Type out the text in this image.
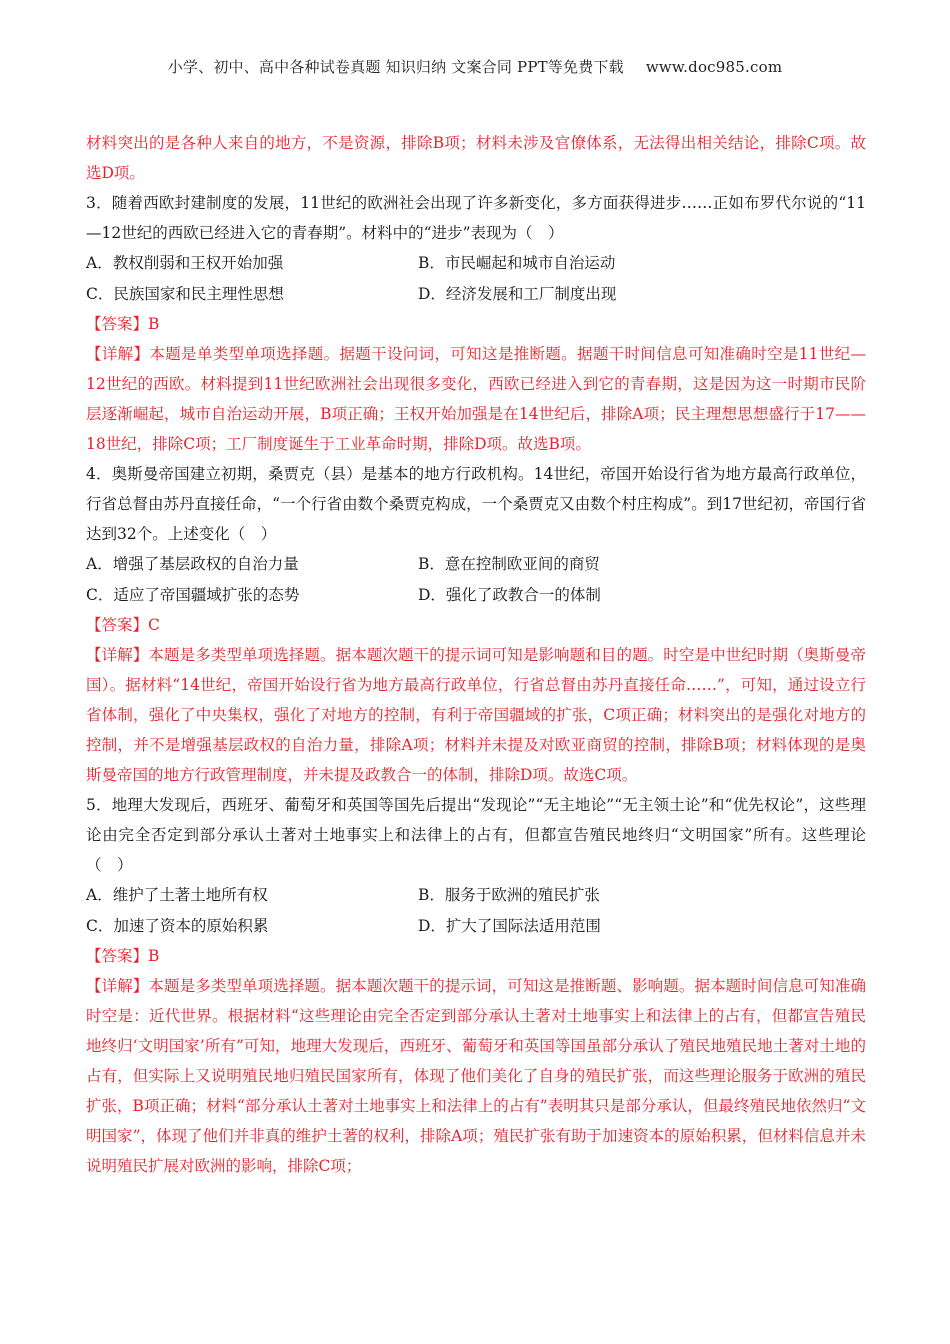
小学、初中、高中各种试卷真题 知识归纳 文案合同 PPT等免费下载 www.doc985.com

材料突出的是各种人来自的地方，不是资源，排除B项；材料未涉及官僚体系，无法得出相关结论，排除C项。故选D项。

3．随着西欧封建制度的发展，11世纪的欧洲社会出现了许多新变化，多方面获得进步……正如布罗代尔说的“11—12世纪的西欧已经进入它的青春期”。材料中的“进步”表现为（　）

A．教权削弱和王权开始加强	B．市民崛起和城市自治运动
C．民族国家和民主理性思想	D．经济发展和工厂制度出现

【答案】B

【详解】本题是单类型单项选择题。据题干设问词，可知这是推断题。据题干时间信息可知准确时空是11世纪—12世纪的西欧。材料提到11世纪欧洲社会出现很多变化，西欧已经进入到它的青春期，这是因为这一时期市民阶层逐渐崛起，城市自治运动开展，B项正确；王权开始加强是在14世纪后，排除A项；民主理想思想盛行于17——18世纪，排除C项；工厂制度诞生于工业革命时期，排除D项。故选B项。

4．奥斯曼帝国建立初期，桑贾克（县）是基本的地方行政机构。14世纪，帝国开始设行省为地方最高行政单位，行省总督由苏丹直接任命，“一个行省由数个桑贾克构成，一个桑贾克又由数个村庄构成”。到17世纪初，帝国行省达到32个。上述变化（　）

A．增强了基层政权的自治力量	B．意在控制欧亚间的商贸
C．适应了帝国疆域扩张的态势	D．强化了政教合一的体制

【答案】C

【详解】本题是多类型单项选择题。据本题次题干的提示词可知是影响题和目的题。时空是中世纪时期（奥斯曼帝国）。据材料“14世纪，帝国开始设行省为地方最高行政单位，行省总督由苏丹直接任命……”，可知，通过设立行省体制，强化了中央集权，强化了对地方的控制，有利于帝国疆域的扩张，C项正确；材料突出的是强化对地方的控制，并不是增强基层政权的自治力量，排除A项；材料并未提及对欧亚商贸的控制，排除B项；材料体现的是奥斯曼帝国的地方行政管理制度，并未提及政教合一的体制，排除D项。故选C项。

5．地理大发现后，西班牙、葡萄牙和英国等国先后提出“发现论”“无主地论”“无主领土论”和“优先权论”，这些理论由完全否定到部分承认土著对土地事实上和法律上的占有，但都宣告殖民地终归“文明国家”所有。这些理论（　）

A．维护了土著土地所有权	B．服务于欧洲的殖民扩张
C．加速了资本的原始积累	D．扩大了国际法适用范围

【答案】B

【详解】本题是多类型单项选择题。据本题次题干的提示词，可知这是推断题、影响题。据本题时间信息可知准确时空是：近代世界。根据材料“这些理论由完全否定到部分承认土著对土地事实上和法律上的占有，但都宣告殖民地终归‘文明国家’所有”可知，地理大发现后，西班牙、葡萄牙和英国等国虽部分承认了殖民地殖民地土著对土地的占有，但实际上又说明殖民地归殖民国家所有，体现了他们美化了自身的殖民扩张，而这些理论服务于欧洲的殖民扩张，B项正确；材料“部分承认土著对土地事实上和法律上的占有”表明其只是部分承认，但最终殖民地依然归“文明国家”，体现了他们并非真的维护土著的权利，排除A项；殖民扩张有助于加速资本的原始积累，但材料信息并未说明殖民扩展对欧洲的影响，排除C项；
